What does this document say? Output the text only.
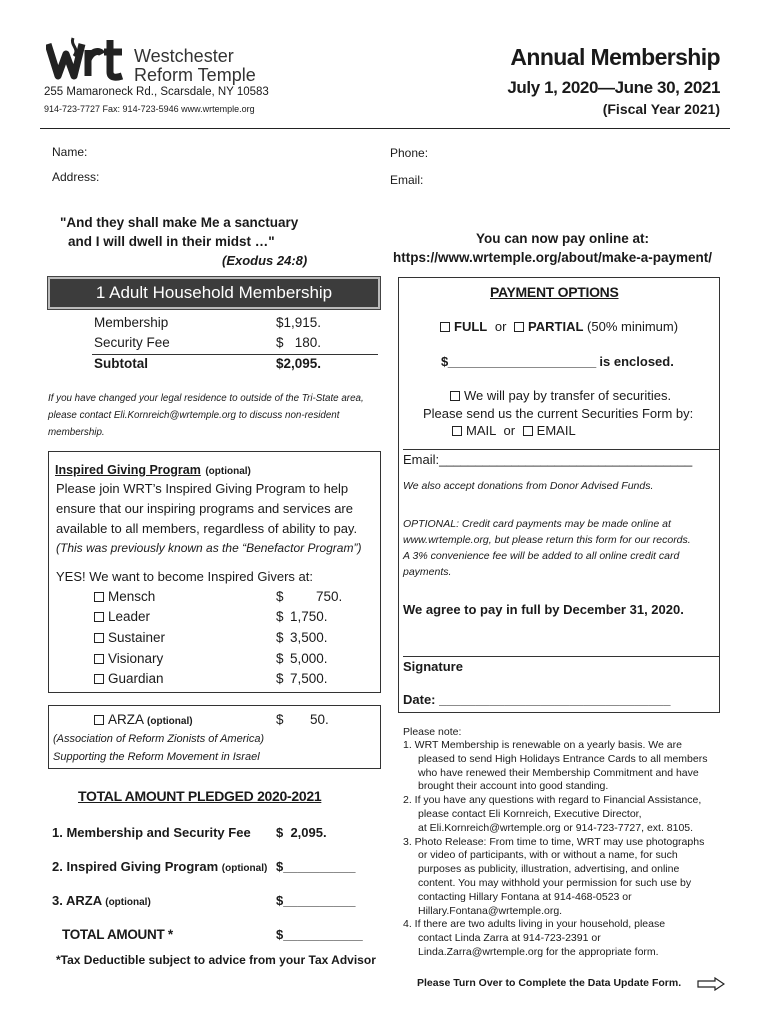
Westchester
Reform Temple
255 Mamaroneck Rd., Scarsdale, NY 10583
914-723-7727 Fax: 914-723-5946 www.wrtemple.org
Annual Membership
July 1, 2020—June 30, 2021
(Fiscal Year 2021)
Name:	Phone:
Address:	Email:
"And they shall make Me a sanctuary
and I will dwell in their midst …"
(Exodus 24:8)
You can now pay online at:
https://www.wrtemple.org/about/make-a-payment/
1 Adult Household Membership
Membership	$1,915.
Security Fee	$   180.
Subtotal	$2,095.
If you have changed your legal residence to outside of the Tri-State area,
please contact Eli.Kornreich@wrtemple.org to discuss non-resident
membership.
Inspired Giving Program (optional)
Please join WRT’s Inspired Giving Program to help
ensure that our inspiring programs and services are
available to all members, regardless of ability to pay.
(This was previously known as the “Benefactor Program”)
YES! We want to become Inspired Givers at:
Mensch	$ 750.
Leader	$ 1,750.
Sustainer	$ 3,500.
Visionary	$ 5,000.
Guardian	$ 7,500.
ARZA (optional)	$ 50.
(Association of Reform Zionists of America)
Supporting the Reform Movement in Israel
TOTAL AMOUNT PLEDGED 2020-2021
1. Membership and Security Fee $  2,095.
2. Inspired Giving Program (optional) $__________
3. ARZA (optional)	$__________
TOTAL AMOUNT *	$___________
*Tax Deductible subject to advice from your Tax Advisor
PAYMENT OPTIONS
FULL or PARTIAL (50% minimum)
$______________________ is enclosed.
We will pay by transfer of securities.
Please send us the current Securities Form by:
MAIL or EMAIL
Email:___________________________________
We also accept donations from Donor Advised Funds.
OPTIONAL: Credit card payments may be made online at
www.wrtemple.org, but please return this form for our records.
A 3% convenience fee will be added to all online credit card
payments.
We agree to pay in full by December 31, 2020.
Signature
Date: ________________________________
Please note:
1. WRT Membership is renewable on a yearly basis. We are
pleased to send High Holidays Entrance Cards to all members
who have renewed their Membership Commitment and have
brought their account into good standing.
2. If you have any questions with regard to Financial Assistance,
please contact Eli Kornreich, Executive Director,
at Eli.Kornreich@wrtemple.org or 914-723-7727, ext. 8105.
3. Photo Release: From time to time, WRT may use photographs
or video of participants, with or without a name, for such
purposes as publicity, illustration, advertising, and online
content. You may withhold your permission for such use by
contacting Hillary Fontana at 914-468-0523 or
Hillary.Fontana@wrtemple.org.
4. If there are two adults living in your household, please
contact Linda Zarra at 914-723-2391 or
Linda.Zarra@wrtemple.org for the appropriate form.
Please Turn Over to Complete the Data Update Form.
